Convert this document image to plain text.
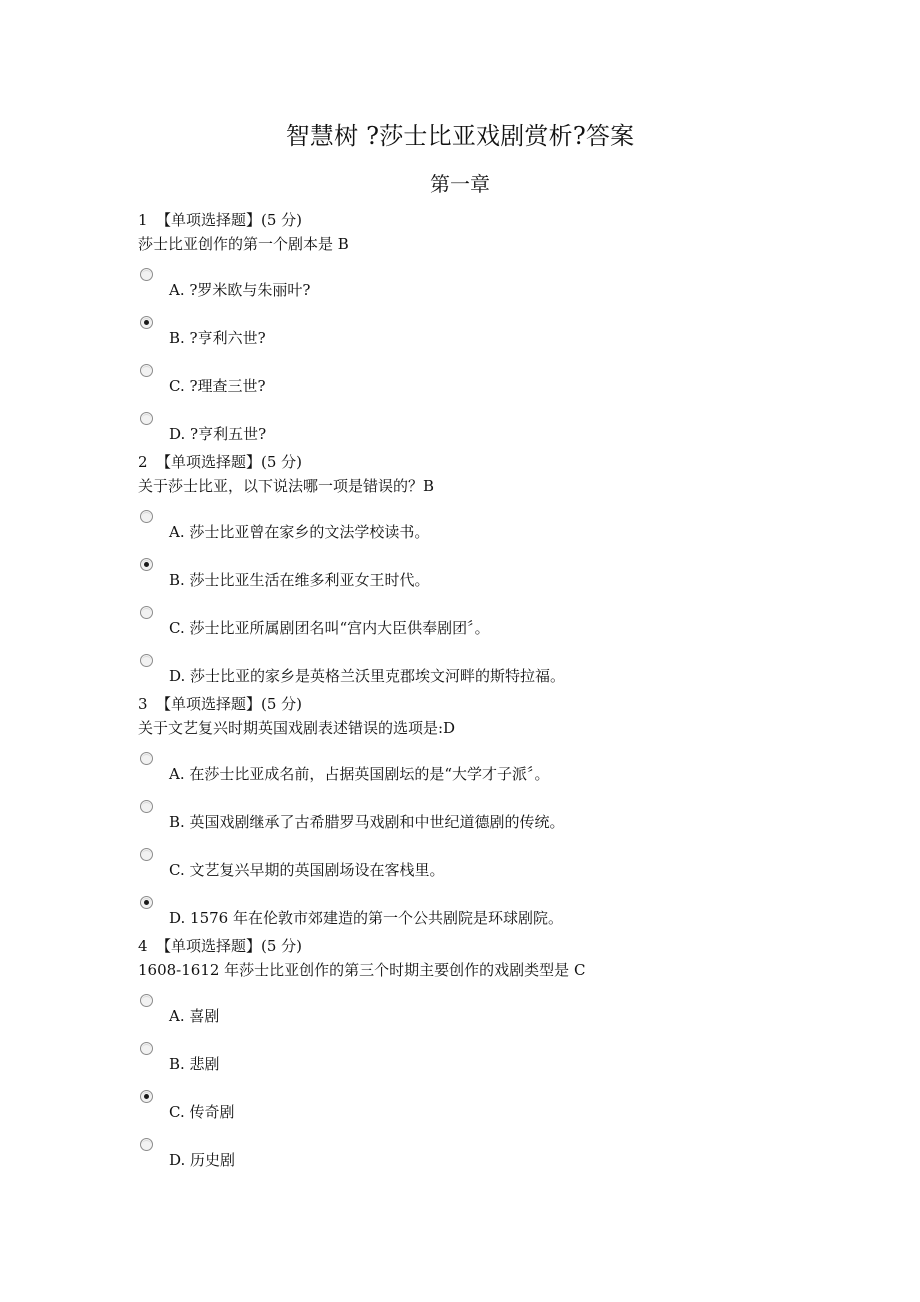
智慧树 ?莎士比亚戏剧赏析?答案
第一章

1 【单项选择题】(5 分)

莎士比亚创作的第一个剧本是 B

A. ?罗米欧与朱丽叶?
B. ?亨利六世?
C. ?理查三世?
D. ?亨利五世?

2 【单项选择题】(5 分)

关于莎士比亚，以下说法哪一项是错误的？B

A. 莎士比亚曾在家乡的文法学校读书。
B. 莎士比亚生活在维多利亚女王时代。
C. 莎士比亚所属剧团名叫“宫内大臣供奉剧团〞。
D. 莎士比亚的家乡是英格兰沃里克郡埃文河畔的斯特拉福。

3 【单项选择题】(5 分)

关于文艺复兴时期英国戏剧表述错误的选项是:D

A. 在莎士比亚成名前，占据英国剧坛的是“大学才子派〞。
B. 英国戏剧继承了古希腊罗马戏剧和中世纪道德剧的传统。
C. 文艺复兴早期的英国剧场设在客栈里。
D. 1576 年在伦敦市郊建造的第一个公共剧院是环球剧院。

4 【单项选择题】(5 分)

1608-1612 年莎士比亚创作的第三个时期主要创作的戏剧类型是 C

A. 喜剧
B. 悲剧
C. 传奇剧
D. 历史剧
